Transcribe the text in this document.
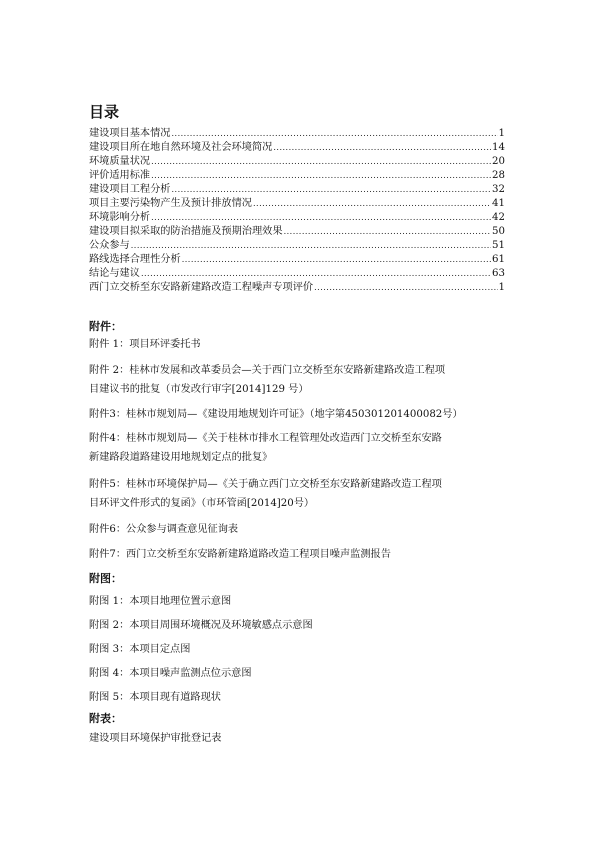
目录
建设项目基本情况 .....	1
建设项目所在地自然环境及社会环境简况 .....	14
环境质量状况 .....	20
评价适用标准 .....	28
建设项目工程分析 .....	32
项目主要污染物产生及预计排放情况 .....	41
环境影响分析 .....	42
建设项目拟采取的防治措施及预期治理效果 .....	50
公众参与 .....	51
路线选择合理性分析 .....	61
结论与建议 .....	63
西门立交桥至东安路新建路改造工程噪声专项评价 .....	1
附件：
附件 1：项目环评委托书
附件 2：桂林市发展和改革委员会—关于西门立交桥至东安路新建路改造工程项
目建议书的批复（市发改行审字[2014]129 号）
附件3：桂林市规划局—《建设用地规划许可证》（地字第450301201400082号）
附件4：桂林市规划局—《关于桂林市排水工程管理处改造西门立交桥至东安路
新建路段道路建设用地规划定点的批复》
附件5：桂林市环境保护局—《关于确立西门立交桥至东安路新建路改造工程项
目环评文件形式的复函》（市环管函[2014]20号）
附件6：公众参与调查意见征询表
附件7：西门立交桥至东安路新建路道路改造工程项目噪声监测报告
附图：
附图 1：本项目地理位置示意图
附图 2：本项目周围环境概况及环境敏感点示意图
附图 3：本项目定点图
附图 4：本项目噪声监测点位示意图
附图 5：本项目现有道路现状
附表：
建设项目环境保护审批登记表
